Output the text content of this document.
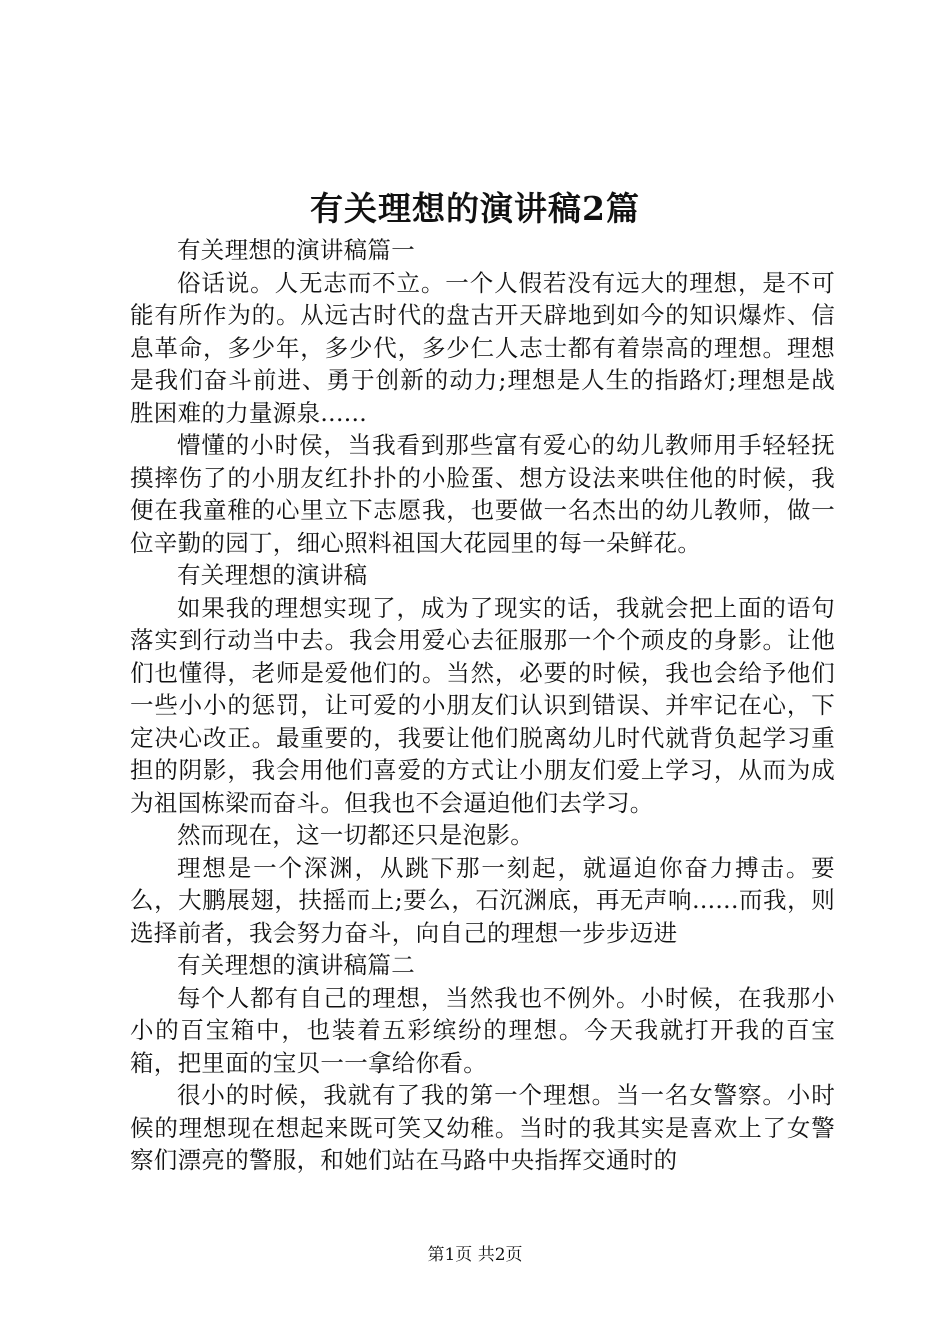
有关理想的演讲稿2篇

有关理想的演讲稿篇一

俗话说。人无志而不立。一个人假若没有远大的理想，是不可能有所作为的。从远古时代的盘古开天辟地到如今的知识爆炸、信息革命，多少年，多少代，多少仁人志士都有着崇高的理想。理想是我们奋斗前进、勇于创新的动力;理想是人生的指路灯;理想是战胜困难的力量源泉......

懵懂的小时侯，当我看到那些富有爱心的幼儿教师用手轻轻抚摸摔伤了的小朋友红扑扑的小脸蛋、想方设法来哄住他的时候，我便在我童稚的心里立下志愿我，也要做一名杰出的幼儿教师，做一位辛勤的园丁，细心照料祖国大花园里的每一朵鲜花。

有关理想的演讲稿

如果我的理想实现了，成为了现实的话，我就会把上面的语句落实到行动当中去。我会用爱心去征服那一个个顽皮的身影。让他们也懂得，老师是爱他们的。当然，必要的时候，我也会给予他们一些小小的惩罚，让可爱的小朋友们认识到错误、并牢记在心，下定决心改正。最重要的，我要让他们脱离幼儿时代就背负起学习重担的阴影，我会用他们喜爱的方式让小朋友们爱上学习，从而为成为祖国栋梁而奋斗。但我也不会逼迫他们去学习。

然而现在，这一切都还只是泡影。

理想是一个深渊，从跳下那一刻起，就逼迫你奋力搏击。要么，大鹏展翅，扶摇而上;要么，石沉渊底，再无声响......而我，则选择前者，我会努力奋斗，向自己的理想一步步迈进

有关理想的演讲稿篇二

每个人都有自己的理想，当然我也不例外。小时候，在我那小小的百宝箱中，也装着五彩缤纷的理想。今天我就打开我的百宝箱，把里面的宝贝一一拿给你看。

很小的时候，我就有了我的第一个理想。当一名女警察。小时候的理想现在想起来既可笑又幼稚。当时的我其实是喜欢上了女警察们漂亮的警服，和她们站在马路中央指挥交通时的

第1页 共2页
